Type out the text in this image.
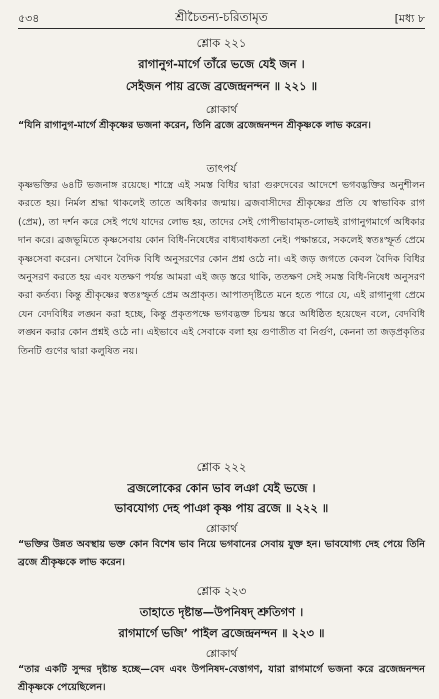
৫৩৪	শ্রীচৈতন্য-চরিতামৃত	[মধ্য ৮
শ্লোক ২২১
রাগানুগ-মার্গে তাঁরে ভজে যেই জন ।
সেইজন পায় ব্রজে ব্রজেন্দ্রনন্দন ॥ ২২১ ॥
শ্লোকার্থ
“যিনি রাগানুগ-মার্গে শ্রীকৃষ্ণের ভজনা করেন, তিনি ব্রজে ব্রজেন্দ্রনন্দন শ্রীকৃষ্ণকে লাভ করেন।
তাৎপর্য
কৃষ্ণভক্তির ৬৪টি ভজনাঙ্গ রয়েছে। শাস্ত্রে এই সমস্ত বিধির দ্বারা গুরুদেবের আদেশে ভগবদ্ভক্তির অনুশীলন করতে হয়। নির্মল শ্রদ্ধা থাকলেই তাতে অধিকার জন্মায়। ব্রজবাসীদের শ্রীকৃষ্ণের প্রতি যে স্বাভাবিক রাগ (প্রেম), তা দর্শন করে সেই পথে যাদের লোভ হয়, তাদের সেই গোপীভাবামৃত-লোভই রাগানুগমার্গে অধিকার দান করে। ব্রজভূমিতে কৃষ্ণসেবায় কোন বিধি-নিষেধের বাধ্যবাধকতা নেই। পক্ষান্তরে, সকলেই স্বতঃস্ফূর্ত প্রেমে কৃষ্ণসেবা করেন। সেখানে বৈদিক বিধি অনুসরণের কোন প্রশ্ন ওঠে না। এই জড় জগতে কেবল বৈদিক বিধির অনুসরণ করতে হয় এবং যতক্ষণ পর্যন্ত আমরা এই জড় স্তরে থাকি, ততক্ষণ সেই সমস্ত বিধি-নিষেধ অনুসরণ করা কর্তব্য। কিন্তু শ্রীকৃষ্ণের স্বতঃস্ফূর্ত প্রেম অপ্রাকৃত। আপাতদৃষ্টিতে মনে হতে পারে যে, এই রাগানুগা প্রেমে যেন বেদবিধির লঙ্ঘন করা হচ্ছে, কিন্তু প্রকৃতপক্ষে ভগবদ্ভক্ত চিন্ময় স্তরে অধিষ্ঠিত হয়েছেন বলে, বেদবিধি লঙ্ঘন করার কোন প্রশ্নই ওঠে না। এইভাবে এই সেবাকে বলা হয় গুণাতীত বা নির্গুণ, কেননা তা জড়প্রকৃতির তিনটি গুণের দ্বারা কলুষিত নয়।
শ্লোক ২২২
ব্রজলোকের কোন ভাব লঞা যেই ভজে ।
ভাবযোগ্য দেহ পাঞা কৃষ্ণ পায় ব্রজে ॥ ২২২ ॥
শ্লোকার্থ
“ভক্তির উন্নত অবস্থায় ভক্ত কোন বিশেষ ভাব নিয়ে ভগবানের সেবায় যুক্ত হন। ভাবযোগ্য দেহ পেয়ে তিনি ব্রজে শ্রীকৃষ্ণকে লাভ করেন।
শ্লোক ২২৩
তাহাতে দৃষ্টান্ত—উপনিষদ্ শ্রুতিগণ ।
রাগমার্গে ভজি’ পাইল ব্রজেন্দ্রনন্দন ॥ ২২৩ ॥
শ্লোকার্থ
“তার একটি সুন্দর দৃষ্টান্ত হচ্ছে—বেদ এবং উপনিষদ-বেত্তাগণ, যারা রাগমার্গে ভজনা করে ব্রজেন্দ্রনন্দন শ্রীকৃষ্ণকে পেয়েছিলেন।
